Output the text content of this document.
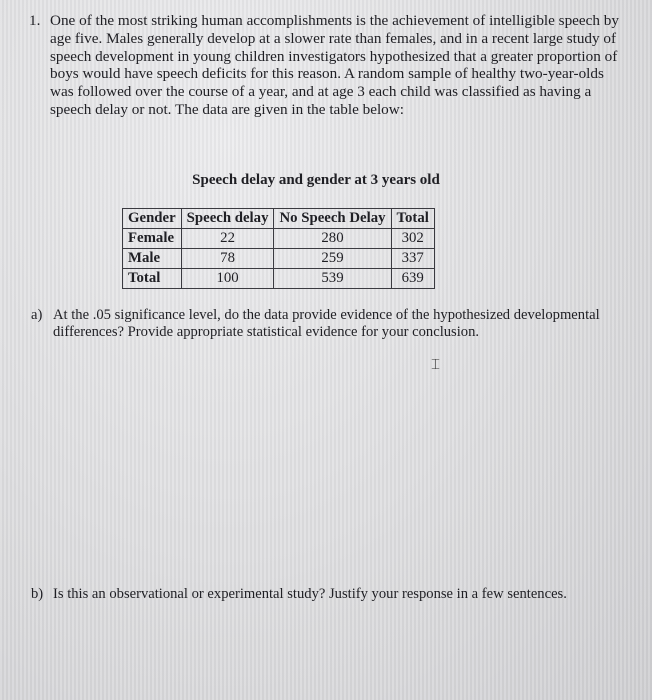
1. One of the most striking human accomplishments is the achievement of intelligible speech by age five. Males generally develop at a slower rate than females, and in a recent large study of speech development in young children investigators hypothesized that a greater proportion of boys would have speech deficits for this reason. A random sample of healthy two-year-olds was followed over the course of a year, and at age 3 each child was classified as having a speech delay or not. The data are given in the table below:
Speech delay and gender at 3 years old
Gender	Speech delay	No Speech Delay	Total
Female	22	280	302
Male	78	259	337
Total	100	539	639
a) At the .05 significance level, do the data provide evidence of the hypothesized developmental differences? Provide appropriate statistical evidence for your conclusion.
⌶
b) Is this an observational or experimental study? Justify your response in a few sentences.
